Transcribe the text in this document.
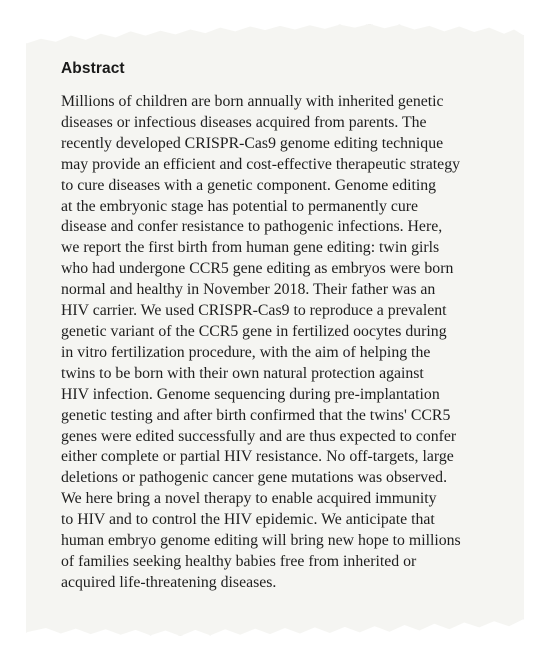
Abstract
Millions of children are born annually with inherited genetic
diseases or infectious diseases acquired from parents. The
recently developed CRISPR-Cas9 genome editing technique
may provide an efficient and cost-effective therapeutic strategy
to cure diseases with a genetic component. Genome editing
at the embryonic stage has potential to permanently cure
disease and confer resistance to pathogenic infections. Here,
we report the first birth from human gene editing: twin girls
who had undergone CCR5 gene editing as embryos were born
normal and healthy in November 2018. Their father was an
HIV carrier. We used CRISPR-Cas9 to reproduce a prevalent
genetic variant of the CCR5 gene in fertilized oocytes during
in vitro fertilization procedure, with the aim of helping the
twins to be born with their own natural protection against
HIV infection. Genome sequencing during pre-implantation
genetic testing and after birth confirmed that the twins' CCR5
genes were edited successfully and are thus expected to confer
either complete or partial HIV resistance. No off-targets, large
deletions or pathogenic cancer gene mutations was observed.
We here bring a novel therapy to enable acquired immunity
to HIV and to control the HIV epidemic. We anticipate that
human embryo genome editing will bring new hope to millions
of families seeking healthy babies free from inherited or
acquired life-threatening diseases.
